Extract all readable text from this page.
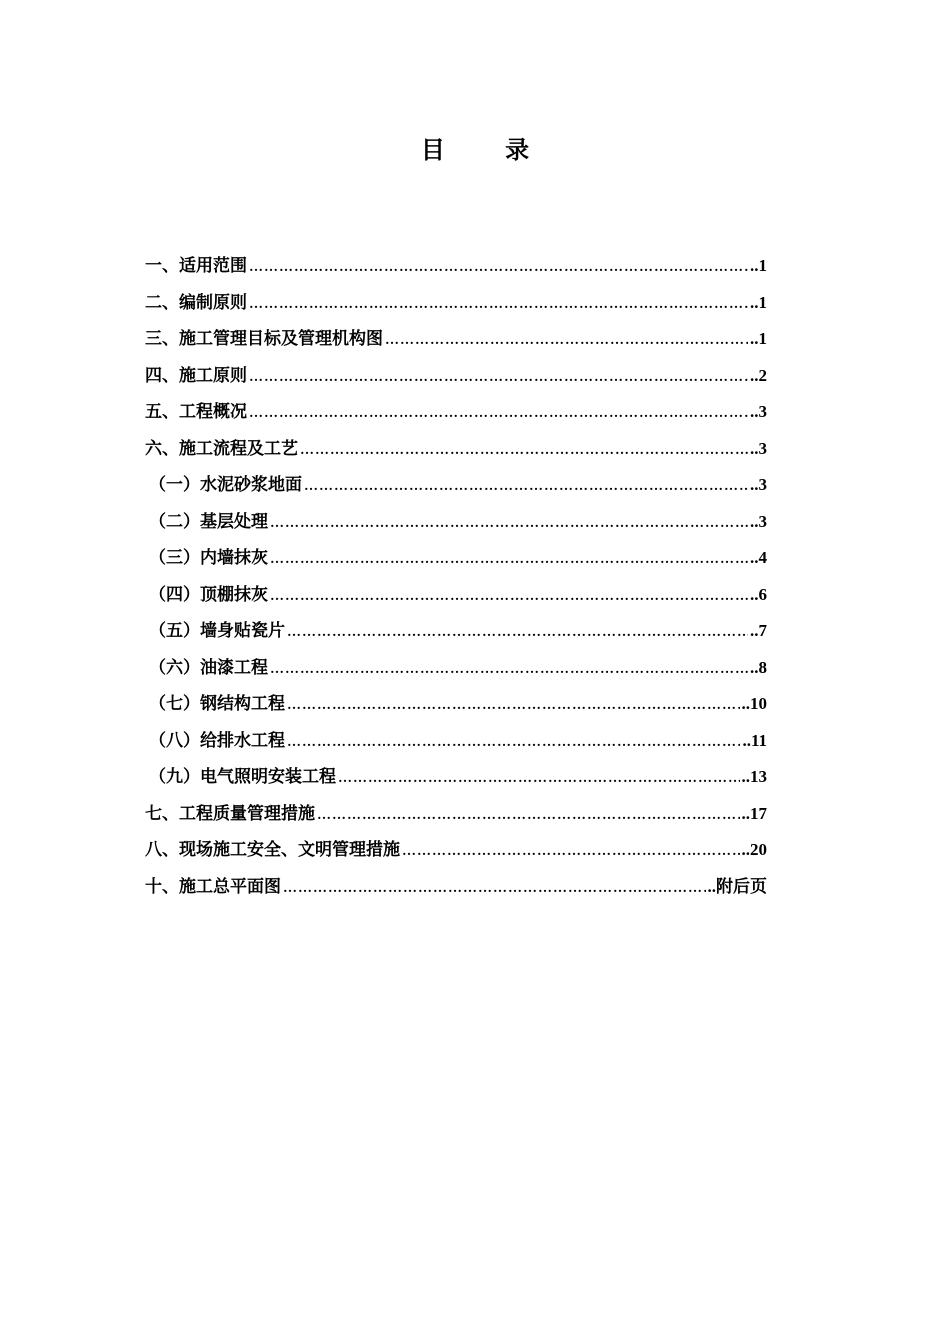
目 录
一、适用范围 …………………………………………………………………………………………………………………………………………………………	..1
二、编制原则 …………………………………………………………………………………………………………………………………………………………	..1
三、施工管理目标及管理机构图 …………………………………………………………………………………………………………………………………………………………	..1
四、施工原则 …………………………………………………………………………………………………………………………………………………………	..2
五、工程概况 …………………………………………………………………………………………………………………………………………………………	..3
六、施工流程及工艺 …………………………………………………………………………………………………………………………………………………………	..3
（一）水泥砂浆地面 …………………………………………………………………………………………………………………………………………………………	..3
（二）基层处理 …………………………………………………………………………………………………………………………………………………………	..3
（三）内墙抹灰 …………………………………………………………………………………………………………………………………………………………	..4
（四）顶棚抹灰 …………………………………………………………………………………………………………………………………………………………	..6
（五）墙身贴瓷片 …………………………………………………………………………………………………………………………………………………………	..7
（六）油漆工程 …………………………………………………………………………………………………………………………………………………………	..8
（七）钢结构工程 …………………………………………………………………………………………………………………………………………………………	..10
（八）给排水工程 …………………………………………………………………………………………………………………………………………………………	..11
（九）电气照明安装工程 …………………………………………………………………………………………………………………………………………………………	..13
七、工程质量管理措施 …………………………………………………………………………………………………………………………………………………………	..17
八、现场施工安全、文明管理措施 …………………………………………………………………………………………………………………………………………………………	..20
十、施工总平面图 …………………………………………………………………………………………………………………………………………………………	..附后页
